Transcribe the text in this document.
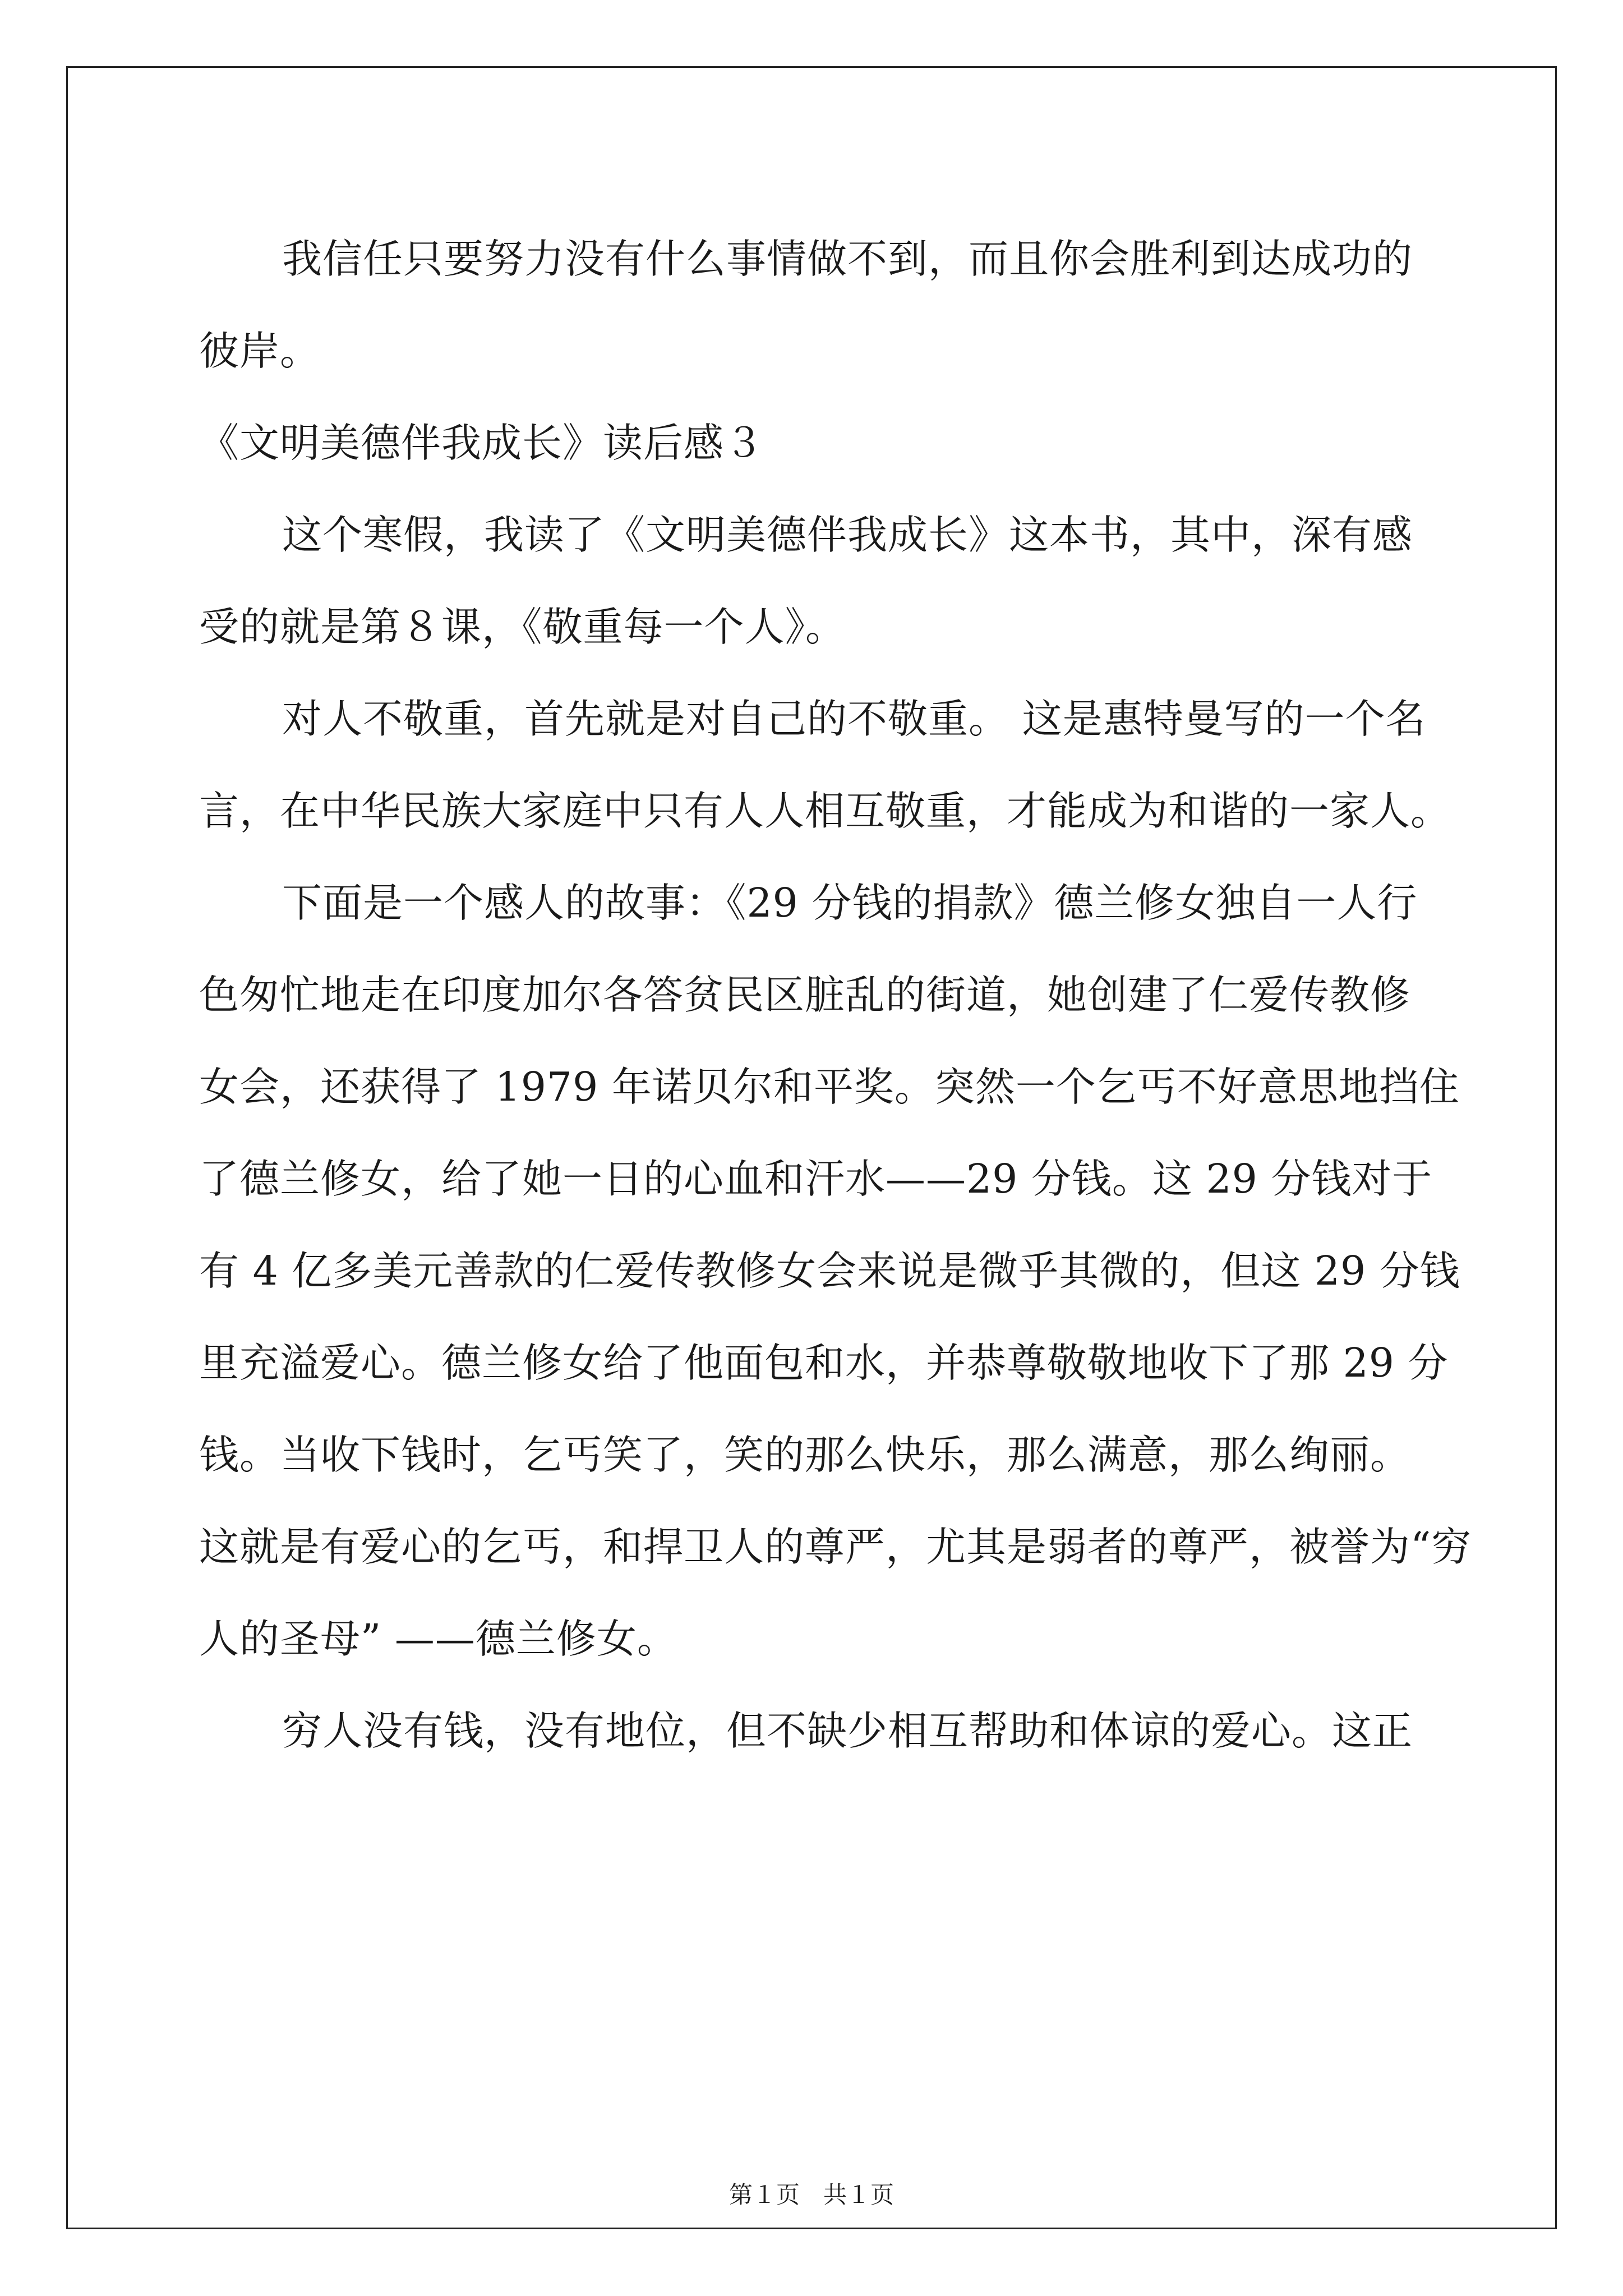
我信任只要努力没有什么事情做不到，而且你会胜利到达成功的
彼岸。
《文明美德伴我成长》读后感３
这个寒假，我读了《文明美德伴我成长》这本书，其中，深有感
受的就是第８课，《敬重每一个人》。
对人不敬重，首先就是对自己的不敬重。 这是惠特曼写的一个名
言，在中华民族大家庭中只有人人相互敬重，才能成为和谐的一家人。
下面是一个感人的故事：《29 分钱的捐款》德兰修女独自一人行
色匆忙地走在印度加尔各答贫民区脏乱的街道，她创建了仁爱传教修
女会，还获得了 1979 年诺贝尔和平奖。突然一个乞丐不好意思地挡住
了德兰修女，给了她一日的心血和汗水——29 分钱。这 29 分钱对于
有 4 亿多美元善款的仁爱传教修女会来说是微乎其微的，但这 29 分钱
里充溢爱心。德兰修女给了他面包和水，并恭尊敬敬地收下了那 29 分
钱。当收下钱时，乞丐笑了，笑的那么快乐，那么满意，那么绚丽。
这就是有爱心的乞丐，和捍卫人的尊严，尤其是弱者的尊严，被誉为“穷
人的圣母” ——德兰修女。
穷人没有钱，没有地位，但不缺少相互帮助和体谅的爱心。这正
第１页　共１页
